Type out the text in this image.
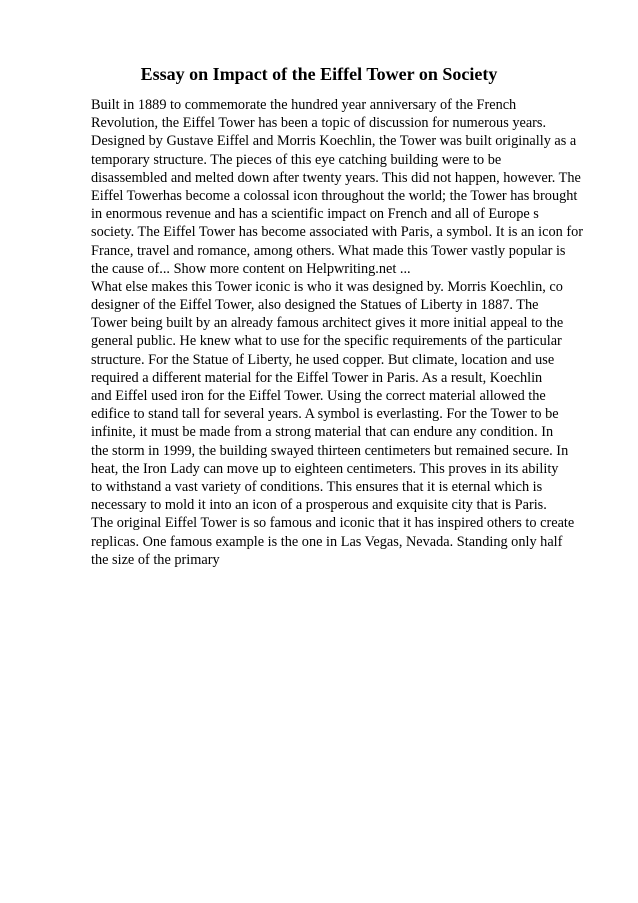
Essay on Impact of the Eiffel Tower on Society
Built in 1889 to commemorate the hundred year anniversary of the French
Revolution, the Eiffel Tower has been a topic of discussion for numerous years.
Designed by Gustave Eiffel and Morris Koechlin, the Tower was built originally as a
temporary structure. The pieces of this eye catching building were to be
disassembled and melted down after twenty years. This did not happen, however. The
Eiffel Towerhas become a colossal icon throughout the world; the Tower has brought
in enormous revenue and has a scientific impact on French and all of Europe s
society. The Eiffel Tower has become associated with Paris, a symbol. It is an icon for
France, travel and romance, among others. What made this Tower vastly popular is
the cause of... Show more content on Helpwriting.net ...
What else makes this Tower iconic is who it was designed by. Morris Koechlin, co
designer of the Eiffel Tower, also designed the Statues of Liberty in 1887. The
Tower being built by an already famous architect gives it more initial appeal to the
general public. He knew what to use for the specific requirements of the particular
structure. For the Statue of Liberty, he used copper. But climate, location and use
required a different material for the Eiffel Tower in Paris. As a result, Koechlin
and Eiffel used iron for the Eiffel Tower. Using the correct material allowed the
edifice to stand tall for several years. A symbol is everlasting. For the Tower to be
infinite, it must be made from a strong material that can endure any condition. In
the storm in 1999, the building swayed thirteen centimeters but remained secure. In
heat, the Iron Lady can move up to eighteen centimeters. This proves in its ability
to withstand a vast variety of conditions. This ensures that it is eternal which is
necessary to mold it into an icon of a prosperous and exquisite city that is Paris.
The original Eiffel Tower is so famous and iconic that it has inspired others to create
replicas. One famous example is the one in Las Vegas, Nevada. Standing only half
the size of the primary
